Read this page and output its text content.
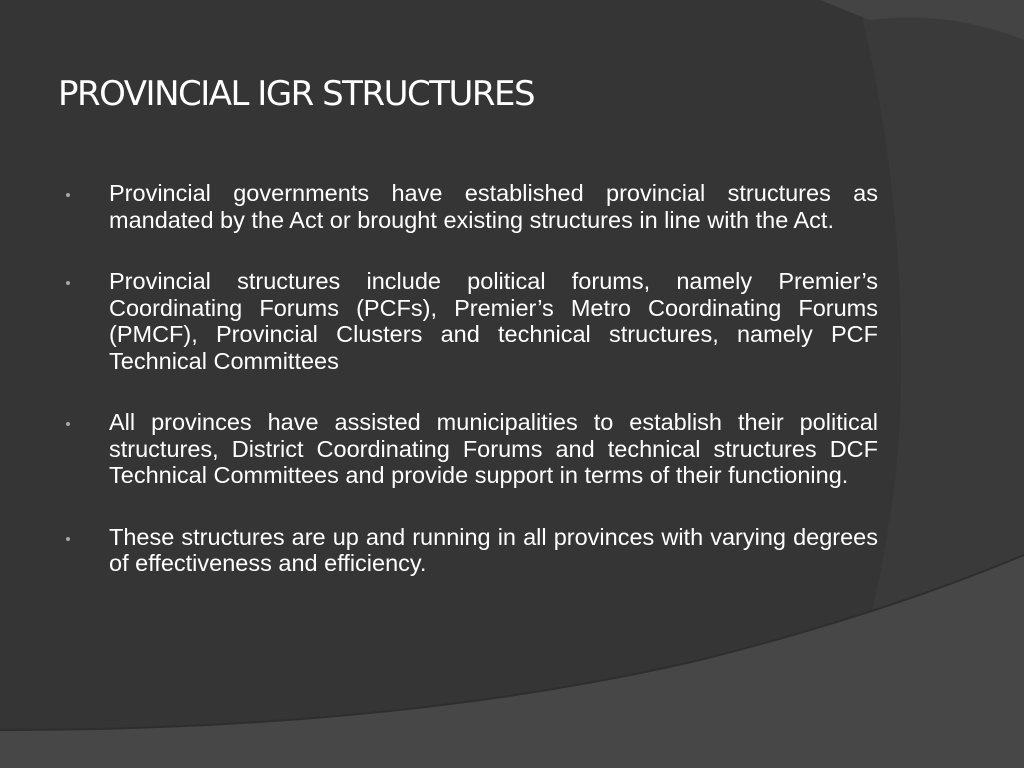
PROVINCIAL IGR STRUCTURES
Provincial governments have established provincial structures as mandated by the Act or brought existing structures in line with the Act.
Provincial structures include political forums, namely Premier’s Coordinating Forums (PCFs), Premier’s Metro Coordinating Forums (PMCF), Provincial Clusters and technical structures, namely PCF Technical Committees
All provinces have assisted municipalities to establish their political structures, District Coordinating Forums and technical structures DCF Technical Committees and provide support in terms of their functioning.
These structures are up and running in all provinces with varying degrees of effectiveness and efficiency.
